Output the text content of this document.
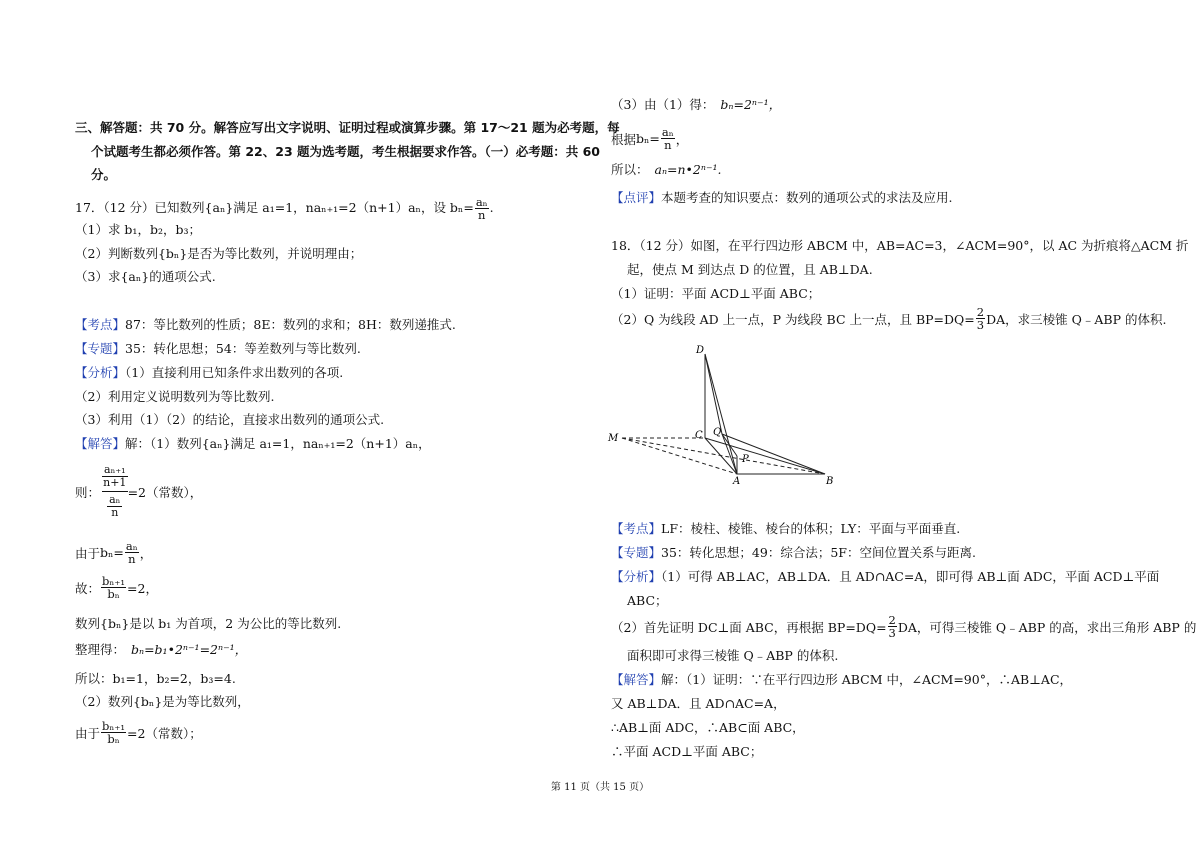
三、解答题：共 70 分。解答应写出文字说明、证明过程或演算步骤。第 17～21 题为必考题，每
个试题考生都必须作答。第 22、23 题为选考题，考生根据要求作答。（一）必考题：共 60
分。
17．（12 分）已知数列{aₙ}满足 a₁=1，naₙ₊₁=2（n+1）aₙ，设 $b_n= \frac{\text{aₙ}}{n}$ .
（1）求 b₁，b₂，b₃；
（2）判断数列{bₙ}是否为等比数列，并说明理由；
（3）求{aₙ}的通项公式.
【考点】87：等比数列的性质；8E：数列的求和；8H：数列递推式.
【专题】35：转化思想；54：等差数列与等比数列.
【分析】（1）直接利用已知条件求出数列的各项.
（2）利用定义说明数列为等比数列.
（3）利用（1）（2）的结论，直接求出数列的通项公式.
【解答】解：（1）数列{aₙ}满足 a₁=1，naₙ₊₁=2（n+1）aₙ，
则：
$\frac{\text{aₙ₊₁}}{n+1}$
$\frac{\text{aₙ}}{n}$
=2（常数），
由于 $b_n= \frac{\text{aₙ}}{n}$ ，
故： $\frac{\text{bₙ₊₁}}{\text{bₙ}} =2$，
数列{bₙ}是以 b₁ 为首项，2 为公比的等比数列.
整理得： bₙ=b₁•2ⁿ⁻¹=2ⁿ⁻¹，
所以：b₁=1，b₂=2，b₃=4.
（2）数列{bₙ}是为等比数列，
由于 $\frac{\text{bₙ₊₁}}{\text{bₙ}} =2$（常数）；
（3）由（1）得： bₙ=2ⁿ⁻¹，
根据 $b_n= \frac{\text{aₙ}}{n}$ ，
所以： aₙ=n•2ⁿ⁻¹.
【点评】本题考查的知识要点：数列的通项公式的求法及应用.
18．（12 分）如图，在平行四边形 ABCM 中，AB=AC=3，∠ACM=90°，以 AC 为折痕将△ACM 折
起，使点 M 到达点 D 的位置，且 AB⊥DA.
（1）证明：平面 ACD⊥平面 ABC；
（2）Q 为线段 AD 上一点，P 为线段 BC 上一点，且 $BP=DQ= \frac{2}{3}$ DA，求三棱锥 Q﹣ABP 的体积.
D
C Q
M
P
A	B
【考点】LF：棱柱、棱锥、棱台的体积；LY：平面与平面垂直.
【专题】35：转化思想；49：综合法；5F：空间位置关系与距离.
【分析】（1）可得 AB⊥AC，AB⊥DA．且 AD∩AC=A，即可得 AB⊥面 ADC，平面 ACD⊥平面
ABC；
（2）首先证明 DC⊥面 ABC，再根据 $BP=DQ= \frac{2}{3}$ DA，可得三棱锥 Q﹣ABP 的高，求出三角形 ABP 的
面积即可求得三棱锥 Q﹣ABP 的体积.
【解答】解：（1）证明：∵在平行四边形 ABCM 中，∠ACM=90°，∴AB⊥AC，
又 AB⊥DA．且 AD∩AC=A，
∴AB⊥面 ADC，∴AB⊂面 ABC，
∴平面 ACD⊥平面 ABC；
第 11 页（共 15 页）
